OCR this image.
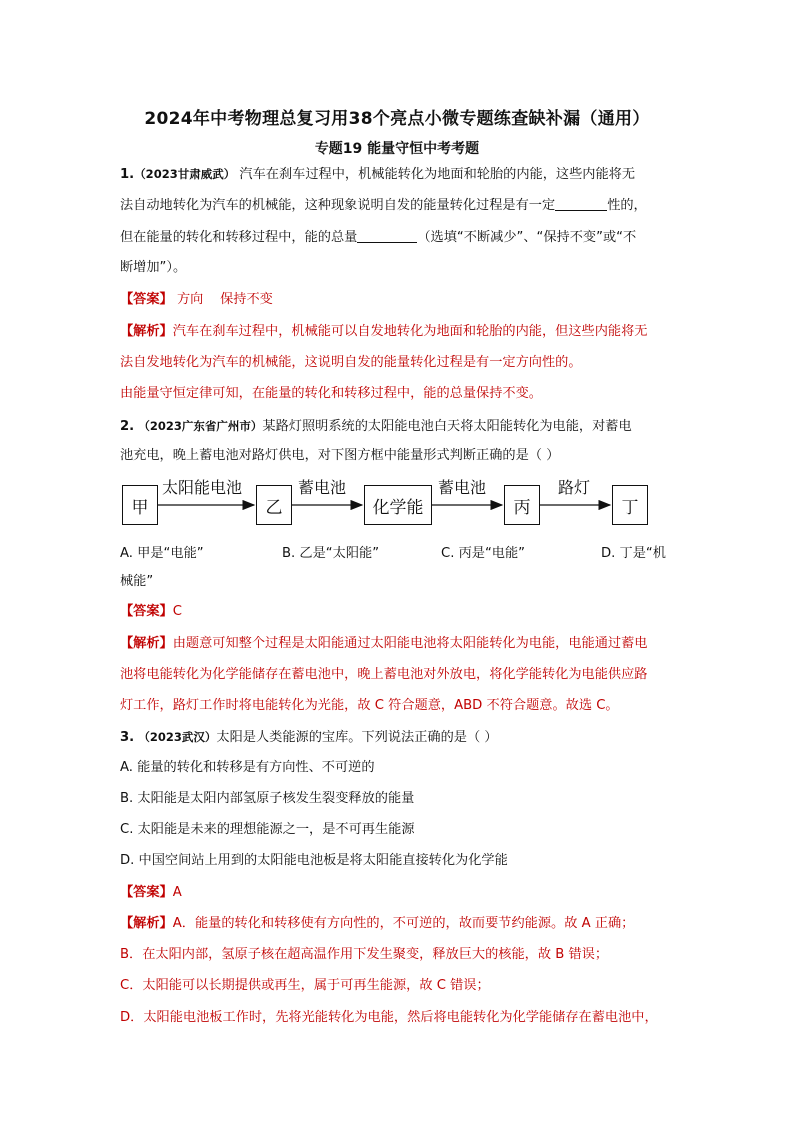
2024年中考物理总复习用38个亮点小微专题练查缺补漏（通用）
专题19 能量守恒中考考题
1.（2023甘肃威武） 汽车在刹车过程中，机械能转化为地面和轮胎的内能，这些内能将无
法自动地转化为汽车的机械能，这种现象说明自发的能量转化过程是有一定	性的，
但在能量的转化和转移过程中，能的总量	（选填“不断减少”、“保持不变”或“不
断增加”）。
【答案】 方向    保持不变
【解析】汽车在刹车过程中，机械能可以自发地转化为地面和轮胎的内能，但这些内能将无
法自发地转化为汽车的机械能，这说明自发的能量转化过程是有一定方向性的。
由能量守恒定律可知，在能量的转化和转移过程中，能的总量保持不变。
2. （2023广东省广州市）某路灯照明系统的太阳能电池白天将太阳能转化为电能，对蓄电
池充电，晚上蓄电池对路灯供电，对下图方框中能量形式判断正确的是（ ）
甲	乙	化学能	丙	丁
太阳能电池	蓄电池	蓄电池	路灯
A. 甲是“电能”	B. 乙是“太阳能”	C. 丙是“电能”	D. 丁是“机
械能”
【答案】C
【解析】由题意可知整个过程是太阳能通过太阳能电池将太阳能转化为电能，电能通过蓄电
池将电能转化为化学能储存在蓄电池中，晚上蓄电池对外放电，将化学能转化为电能供应路
灯工作，路灯工作时将电能转化为光能，故 C 符合题意，ABD 不符合题意。故选 C。
3. （2023武汉）太阳是人类能源的宝库。下列说法正确的是（ ）
A. 能量的转化和转移是有方向性、不可逆的
B. 太阳能是太阳内部氢原子核发生裂变释放的能量
C. 太阳能是未来的理想能源之一，是不可再生能源
D. 中国空间站上用到的太阳能电池板是将太阳能直接转化为化学能
【答案】A
【解析】A．能量的转化和转移使有方向性的，不可逆的，故而要节约能源。故 A 正确；
B．在太阳内部，氢原子核在超高温作用下发生聚变，释放巨大的核能，故 B 错误；
C．太阳能可以长期提供或再生，属于可再生能源，故 C 错误；
D．太阳能电池板工作时，先将光能转化为电能，然后将电能转化为化学能储存在蓄电池中，
